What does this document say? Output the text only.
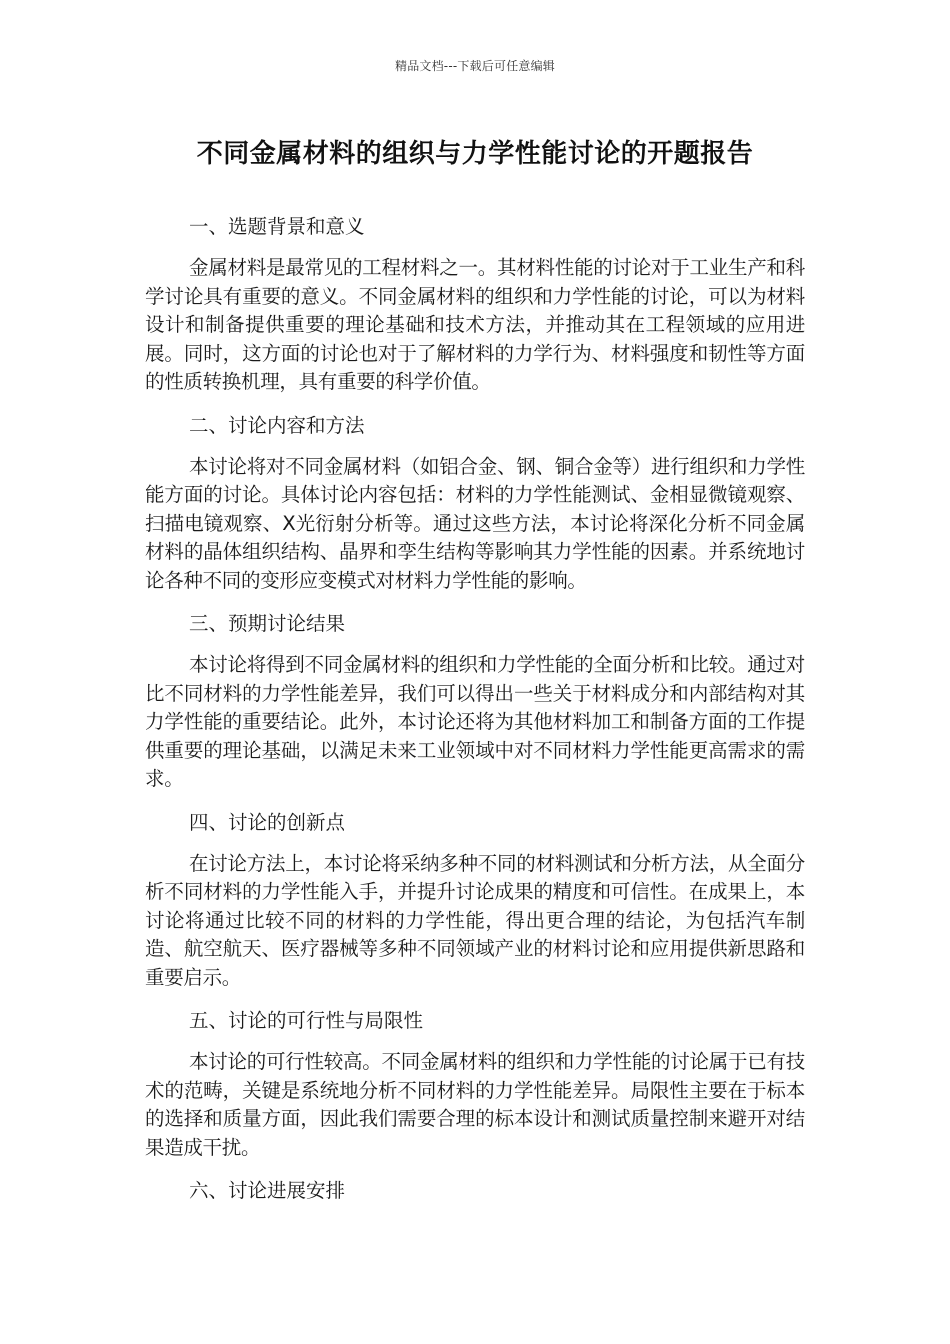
精品文档---下载后可任意编辑
不同金属材料的组织与力学性能讨论的开题报告
一、选题背景和意义

金属材料是最常见的工程材料之一。其材料性能的讨论对于工业生产和科学讨论具有重要的意义。不同金属材料的组织和力学性能的讨论，可以为材料设计和制备提供重要的理论基础和技术方法，并推动其在工程领域的应用进展。同时，这方面的讨论也对于了解材料的力学行为、材料强度和韧性等方面的性质转换机理，具有重要的科学价值。

二、讨论内容和方法

本讨论将对不同金属材料（如铝合金、钢、铜合金等）进行组织和力学性能方面的讨论。具体讨论内容包括：材料的力学性能测试、金相显微镜观察、扫描电镜观察、X光衍射分析等。通过这些方法，本讨论将深化分析不同金属材料的晶体组织结构、晶界和孪生结构等影响其力学性能的因素。并系统地讨论各种不同的变形应变模式对材料力学性能的影响。

三、预期讨论结果

本讨论将得到不同金属材料的组织和力学性能的全面分析和比较。通过对比不同材料的力学性能差异，我们可以得出一些关于材料成分和内部结构对其力学性能的重要结论。此外，本讨论还将为其他材料加工和制备方面的工作提供重要的理论基础，以满足未来工业领域中对不同材料力学性能更高需求的需求。

四、讨论的创新点

在讨论方法上，本讨论将采纳多种不同的材料测试和分析方法，从全面分析不同材料的力学性能入手，并提升讨论成果的精度和可信性。在成果上，本讨论将通过比较不同的材料的力学性能，得出更合理的结论，为包括汽车制造、航空航天、医疗器械等多种不同领域产业的材料讨论和应用提供新思路和重要启示。

五、讨论的可行性与局限性

本讨论的可行性较高。不同金属材料的组织和力学性能的讨论属于已有技术的范畴，关键是系统地分析不同材料的力学性能差异。局限性主要在于标本的选择和质量方面，因此我们需要合理的标本设计和测试质量控制来避开对结果造成干扰。

六、讨论进展安排
